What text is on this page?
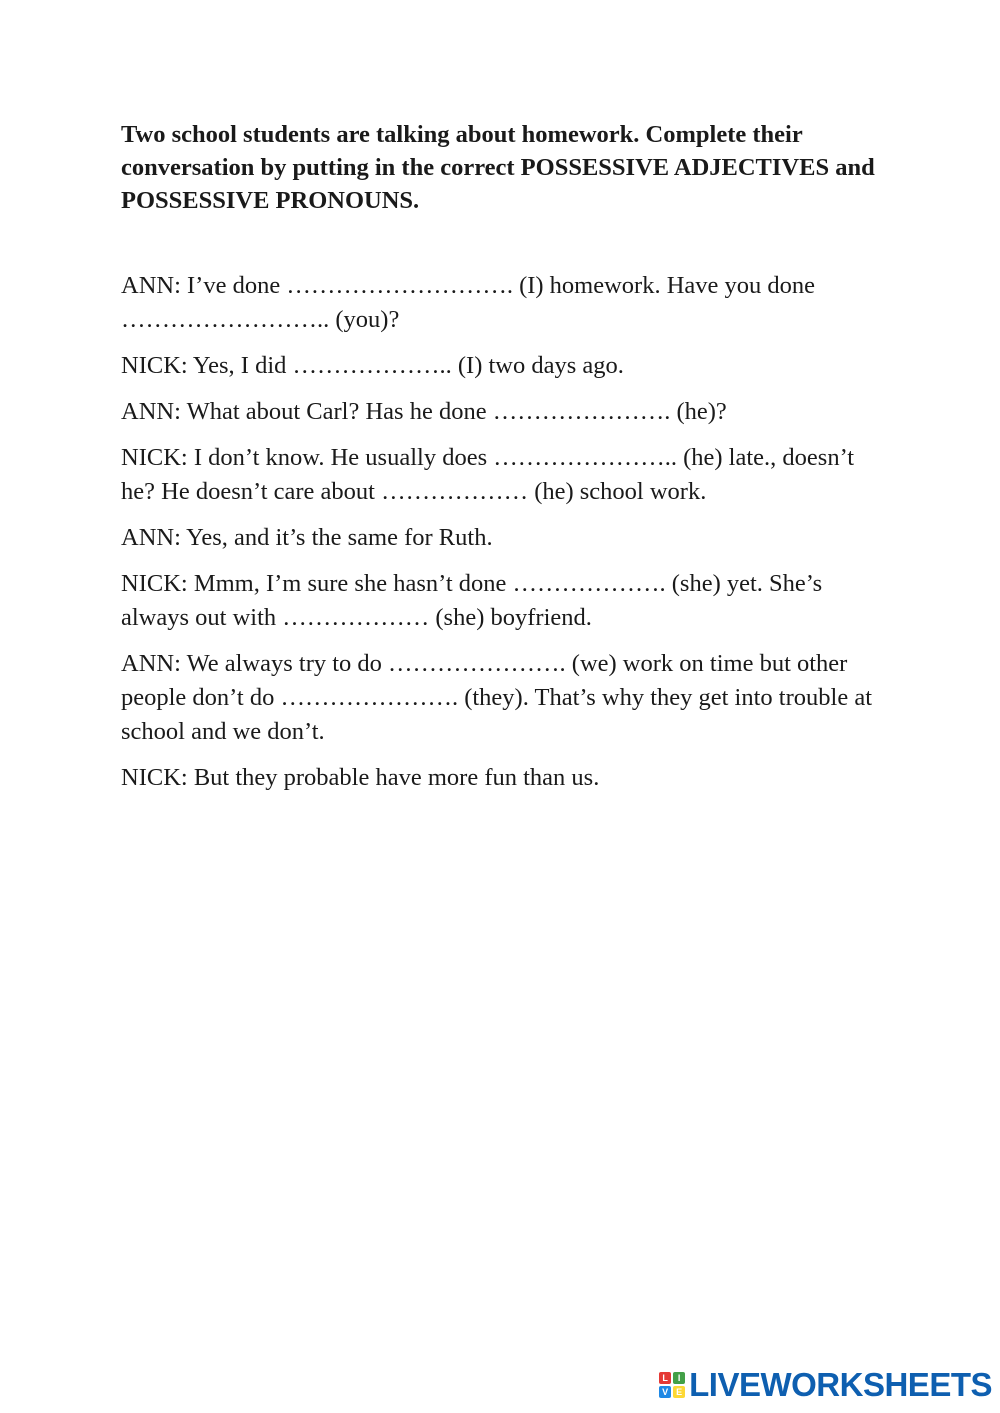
Two school students are talking about homework. Complete their conversation by putting in the correct POSSESSIVE ADJECTIVES and POSSESSIVE PRONOUNS.

ANN: I’ve done ………………………. (I) homework. Have you done …………………….. (you)?

NICK: Yes, I did ……………….. (I) two days ago.

ANN: What about Carl? Has he done …………………. (he)?

NICK: I don’t know. He usually does ………………….. (he) late., doesn’t he? He doesn’t care about ……………… (he) school work.

ANN: Yes, and it’s the same for Ruth.

NICK: Mmm, I’m sure she hasn’t done ………………. (she) yet. She’s always out with ……………… (she) boyfriend.

ANN: We always try to do …………………. (we) work on time but other people don’t do …………………. (they). That’s why they get into trouble at school and we don’t.

NICK: But they probable have more fun than us.

L	I
V E LIVEWORKSHEETS
